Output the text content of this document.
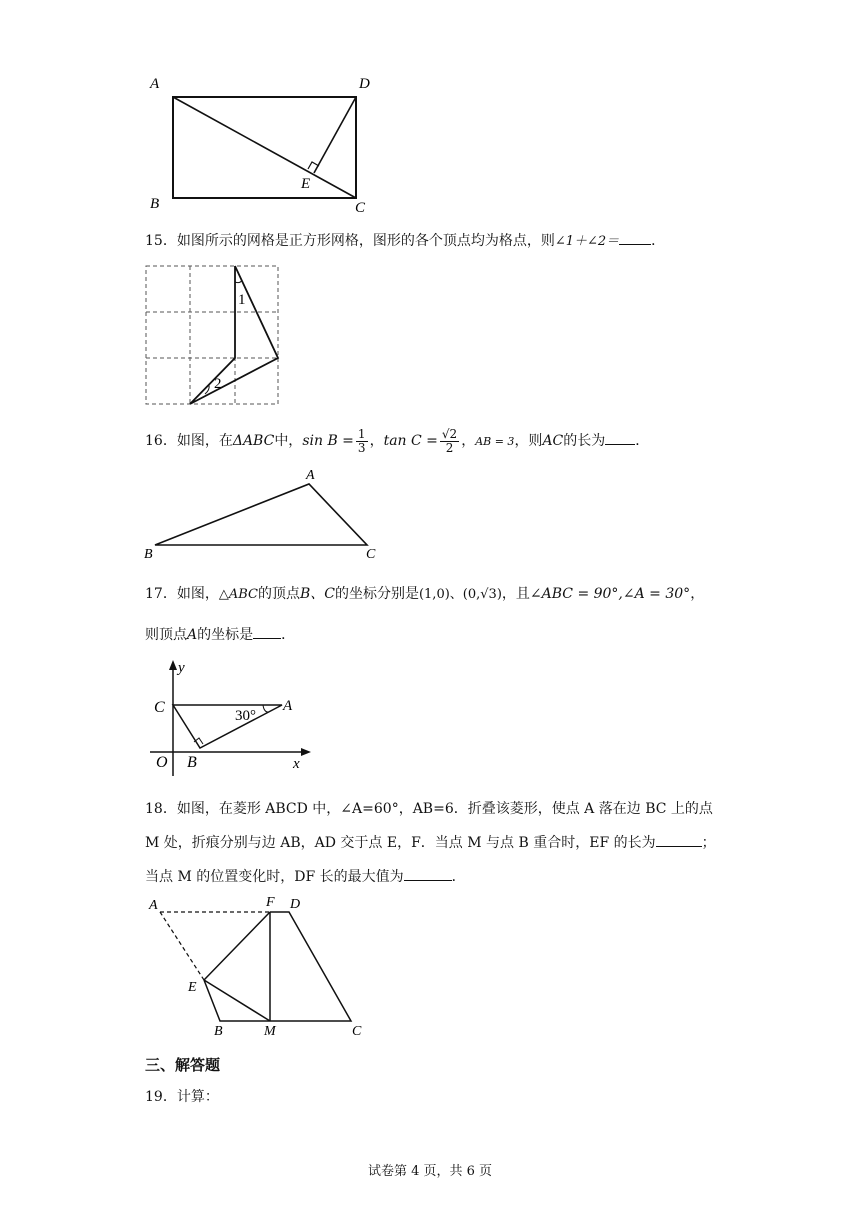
A	D
B	C
E
15．如图所示的网格是正方形网格，图形的各个顶点均为格点，则∠1＋∠2＝ ．
1
2
16．如图，在ΔABC中，$\sin B = \frac{1}{3}$ ，$\tan C = \frac{√2}{2}$ ，AB = 3，则AC的长为 ．
A
B	C
17．如图，△ABC的顶点B、C的坐标分别是(1,0)、(0,√3)，且∠ABC = 90°,∠A = 30°，
则顶点A的坐标是 ．
y
x
O B
C	A
30°
18．如图，在菱形 ABCD 中，∠A=60°，AB=6．折叠该菱形，使点 A 落在边 BC 上的点
M 处，折痕分别与边 AB，AD 交于点 E，F．当点 M 与点 B 重合时，EF 的长为	；
当点 M 的位置变化时，DF 长的最大值为	．
A	F D
E
B	M	C
三、解答题
19．计算：
试卷第 4 页，共 6 页
